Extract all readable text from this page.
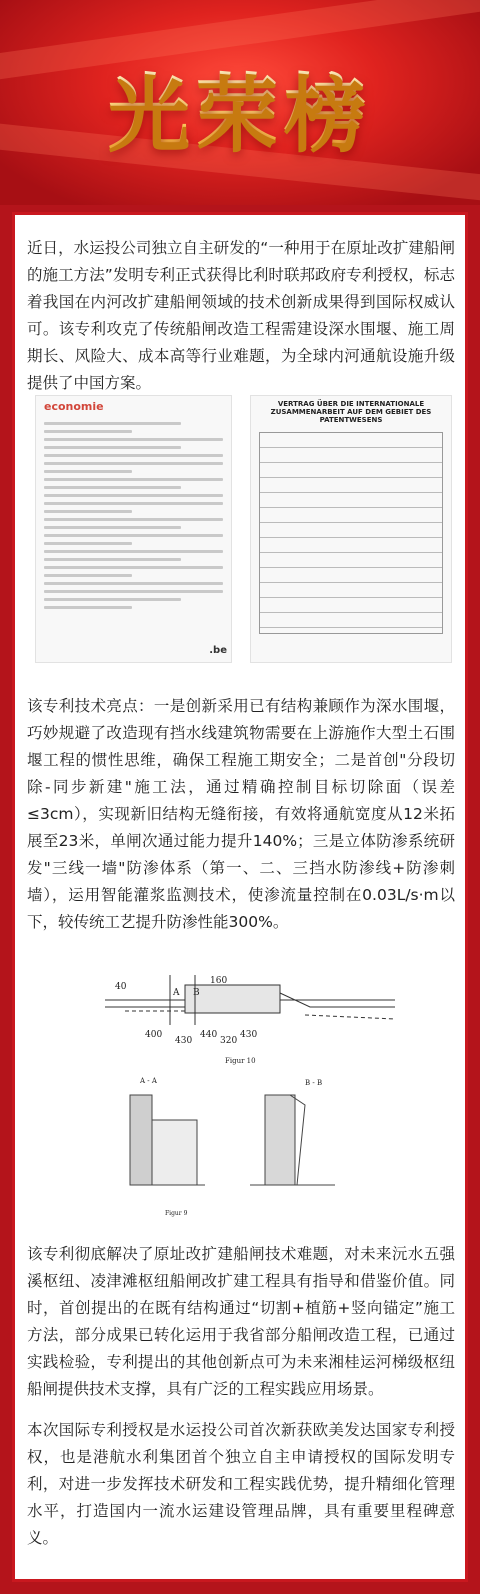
光荣榜

近日，水运投公司独立自主研发的“一种用于在原址改扩建船闸的施工方法”发明专利正式获得比利时联邦政府专利授权，标志着我国在内河改扩建船闸领域的技术创新成果得到国际权威认可。该专利攻克了传统船闸改造工程需建设深水围堰、施工周期长、风险大、成本高等行业难题，为全球内河通航设施升级提供了中国方案。

economie
.be
VERTRAG ÜBER DIE INTERNATIONALE ZUSAMMENARBEIT AUF DEM GEBIET DES PATENTWESENS

该专利技术亮点：一是创新采用已有结构兼顾作为深水围堰，巧妙规避了改造现有挡水线建筑物需要在上游施作大型土石围堰工程的惯性思维，确保工程施工期安全；二是首创"分段切除-同步新建"施工法，通过精确控制目标切除面（误差≤3cm），实现新旧结构无缝衔接，有效将通航宽度从12米拓展至23米，单闸次通过能力提升140%；三是立体防渗系统研发"三线一墙"防渗体系（第一、二、三挡水防渗线+防渗刺墙），运用智能灌浆监测技术，使渗流量控制在0.03L/s·m以下，较传统工艺提升防渗性能300%。

40
A B
160
400
430
440
320
430
Figur 10
A - A	B - B
Figur 9

该专利彻底解决了原址改扩建船闸技术难题，对未来沅水五强溪枢纽、凌津滩枢纽船闸改扩建工程具有指导和借鉴价值。同时，首创提出的在既有结构通过“切割+植筋+竖向锚定”施工方法，部分成果已转化运用于我省部分船闸改造工程，已通过实践检验，专利提出的其他创新点可为未来湘桂运河梯级枢纽船闸提供技术支撑，具有广泛的工程实践应用场景。

本次国际专利授权是水运投公司首次新获欧美发达国家专利授权，也是港航水利集团首个独立自主申请授权的国际发明专利，对进一步发挥技术研发和工程实践优势，提升精细化管理水平，打造国内一流水运建设管理品牌，具有重要里程碑意义。
